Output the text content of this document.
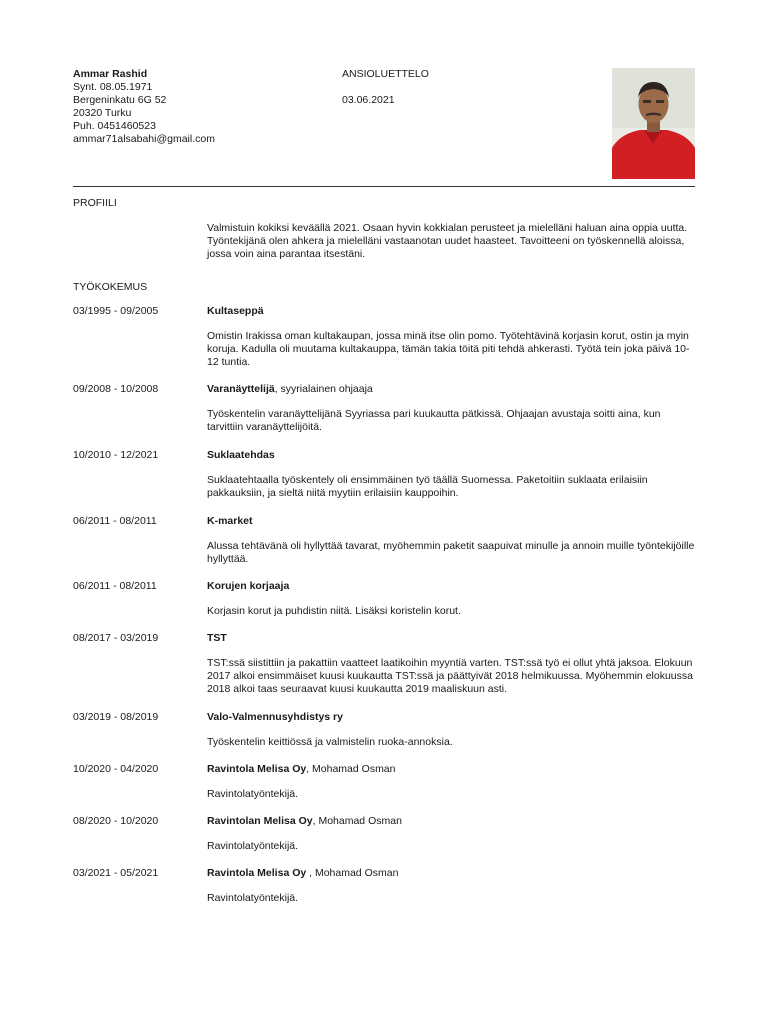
Ammar Rashid
Synt. 08.05.1971
Bergeninkatu 6G 52
20320 Turku
Puh. 0451460523
ammar71alsabahi@gmail.com
ANSIOLUETTELO
03.06.2021
PROFIILI
Valmistuin kokiksi keväällä 2021. Osaan hyvin kokkialan perusteet ja mielelläni haluan aina oppia uutta. Työntekijänä olen ahkera ja mielelläni vastaanotan uudet haasteet. Tavoitteeni on työskennellä aloissa, jossa voin aina parantaa itsestäni.
TYÖKOKEMUS
03/1995 - 09/2005	Kultaseppä
Omistin Irakissa oman kultakaupan, jossa minä itse olin pomo. Työtehtävinä korjasin korut, ostin ja myin koruja. Kadulla oli muutama kultakauppa, tämän takia töitä piti tehdä ahkerasti. Työtä tein joka päivä 10-12 tuntia.
09/2008 - 10/2008	Varanäyttelijä, syyrialainen ohjaaja
Työskentelin varanäyttelijänä Syyriassa pari kuukautta pätkissä. Ohjaajan avustaja soitti aina, kun tarvittiin varanäyttelijöitä.
10/2010 - 12/2021	Suklaatehdas
Suklaatehtaalla työskentely oli ensimmäinen työ täällä Suomessa. Paketoitiin suklaata erilaisiin pakkauksiin, ja sieltä niitä myytiin erilaisiin kauppoihin.
06/2011 - 08/2011	K-market
Alussa tehtävänä oli hyllyttää tavarat, myöhemmin paketit saapuivat minulle ja annoin muille työntekijöille hyllyttää.
06/2011 - 08/2011	Korujen korjaaja
Korjasin korut ja puhdistin niitä. Lisäksi koristelin korut.
08/2017 - 03/2019	TST
TST:ssä siistittiin ja pakattiin vaatteet laatikoihin myyntiä varten. TST:ssä työ ei ollut yhtä jaksoa. Elokuun 2017 alkoi ensimmäiset kuusi kuukautta TST:ssä ja päättyivät 2018 helmikuussa. Myöhemmin elokuussa 2018 alkoi taas seuraavat kuusi kuukautta 2019 maaliskuun asti.
03/2019 - 08/2019	Valo-Valmennusyhdistys ry
Työskentelin keittiössä ja valmistelin ruoka-annoksia.
10/2020 - 04/2020	Ravintola Melisa Oy, Mohamad Osman
Ravintolatyöntekijä.
08/2020 - 10/2020	Ravintolan Melisa Oy, Mohamad Osman
Ravintolatyöntekijä.
03/2021 - 05/2021	Ravintola Melisa Oy , Mohamad Osman
Ravintolatyöntekijä.
